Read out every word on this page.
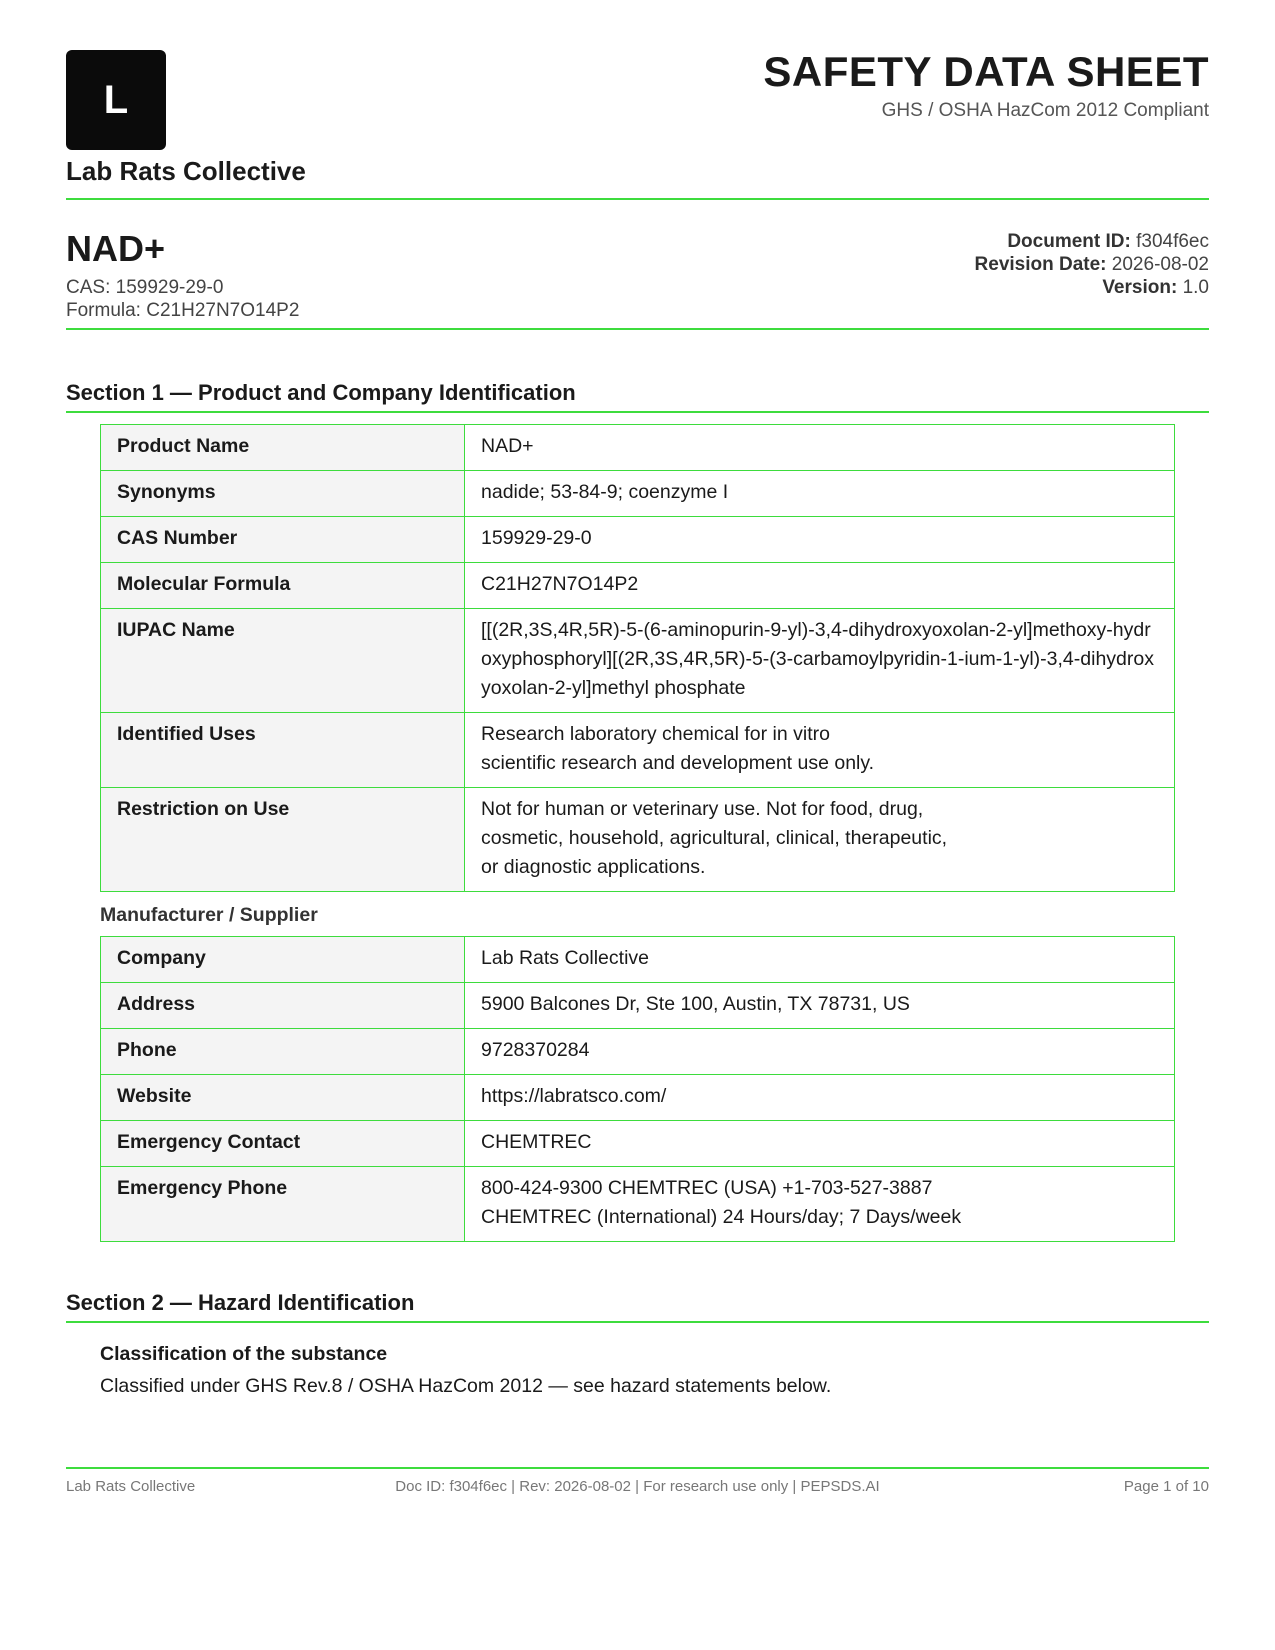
L
Lab Rats Collective
SAFETY DATA SHEET
GHS / OSHA HazCom 2012 Compliant
NAD+
CAS: 159929-29-0
Formula: C21H27N7O14P2
Document ID: f304f6ec
Revision Date: 2026-08-02
Version: 1.0
Section 1 — Product and Company Identification
Product Name	NAD+
Synonyms	nadide; 53-84-9; coenzyme I
CAS Number	159929-29-0
Molecular Formula	C21H27N7O14P2
IUPAC Name	[[(2R,3S,4R,5R)-5-(6-aminopurin-9-yl)-3,4-dihydroxyoxolan-2-yl]methoxy-hydroxyphosphoryl][(2R,3S,4R,5R)-5-(3-carbamoylpyridin-1-ium-1-yl)-3,4-dihydroxyoxolan-2-yl]methyl phosphate
Identified Uses	Research laboratory chemical for in vitro scientific research and development use only.
Restriction on Use	Not for human or veterinary use. Not for food, drug, cosmetic, household, agricultural, clinical, therapeutic, or diagnostic applications.
Manufacturer / Supplier
Company	Lab Rats Collective
Address	5900 Balcones Dr, Ste 100, Austin, TX 78731, US
Phone	9728370284
Website	https://labratsco.com/
Emergency Contact	CHEMTREC
Emergency Phone	800-424-9300 CHEMTREC (USA) +1-703-527-3887 CHEMTREC (International) 24 Hours/day; 7 Days/week
Section 2 — Hazard Identification
Classification of the substance
Classified under GHS Rev.8 / OSHA HazCom 2012 — see hazard statements below.
Lab Rats Collective	Doc ID: f304f6ec | Rev: 2026-08-02 | For research use only | PEPSDS.AI	Page 1 of 10
